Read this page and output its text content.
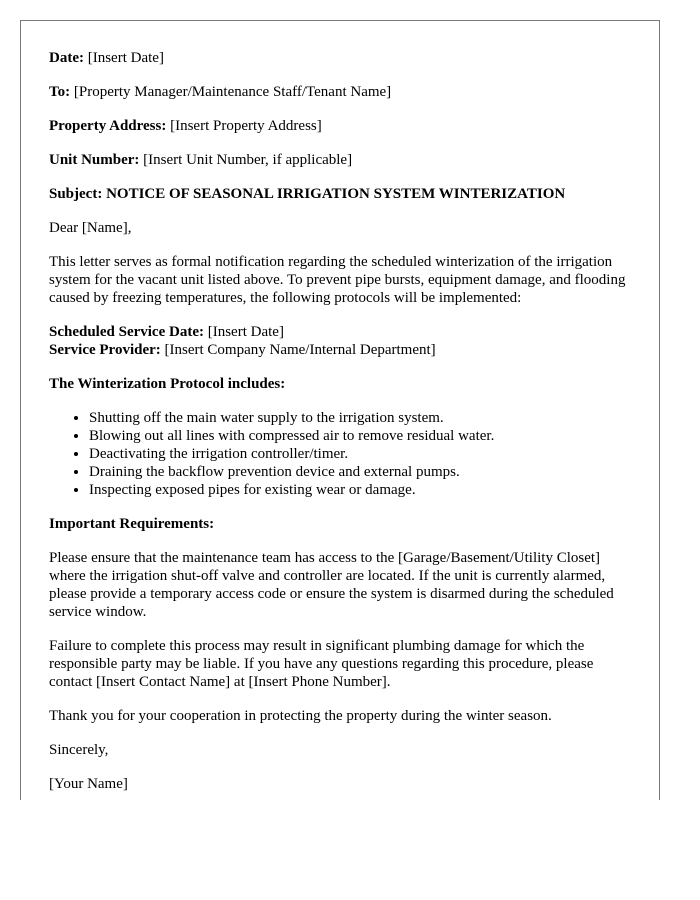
Date: [Insert Date]

To: [Property Manager/Maintenance Staff/Tenant Name]

Property Address: [Insert Property Address]

Unit Number: [Insert Unit Number, if applicable]

Subject: NOTICE OF SEASONAL IRRIGATION SYSTEM WINTERIZATION

Dear [Name],

This letter serves as formal notification regarding the scheduled winterization of the irrigation system for the vacant unit listed above. To prevent pipe bursts, equipment damage, and flooding caused by freezing temperatures, the following protocols will be implemented:

Scheduled Service Date: [Insert Date]

Service Provider: [Insert Company Name/Internal Department]

The Winterization Protocol includes:

• Shutting off the main water supply to the irrigation system.
• Blowing out all lines with compressed air to remove residual water.
• Deactivating the irrigation controller/timer.
• Draining the backflow prevention device and external pumps.
• Inspecting exposed pipes for existing wear or damage.

Important Requirements:

Please ensure that the maintenance team has access to the [Garage/Basement/Utility Closet] where the irrigation shut-off valve and controller are located. If the unit is currently alarmed, please provide a temporary access code or ensure the system is disarmed during the scheduled service window.

Failure to complete this process may result in significant plumbing damage for which the responsible party may be liable. If you have any questions regarding this procedure, please contact [Insert Contact Name] at [Insert Phone Number].

Thank you for your cooperation in protecting the property during the winter season.

Sincerely,

[Your Name]
